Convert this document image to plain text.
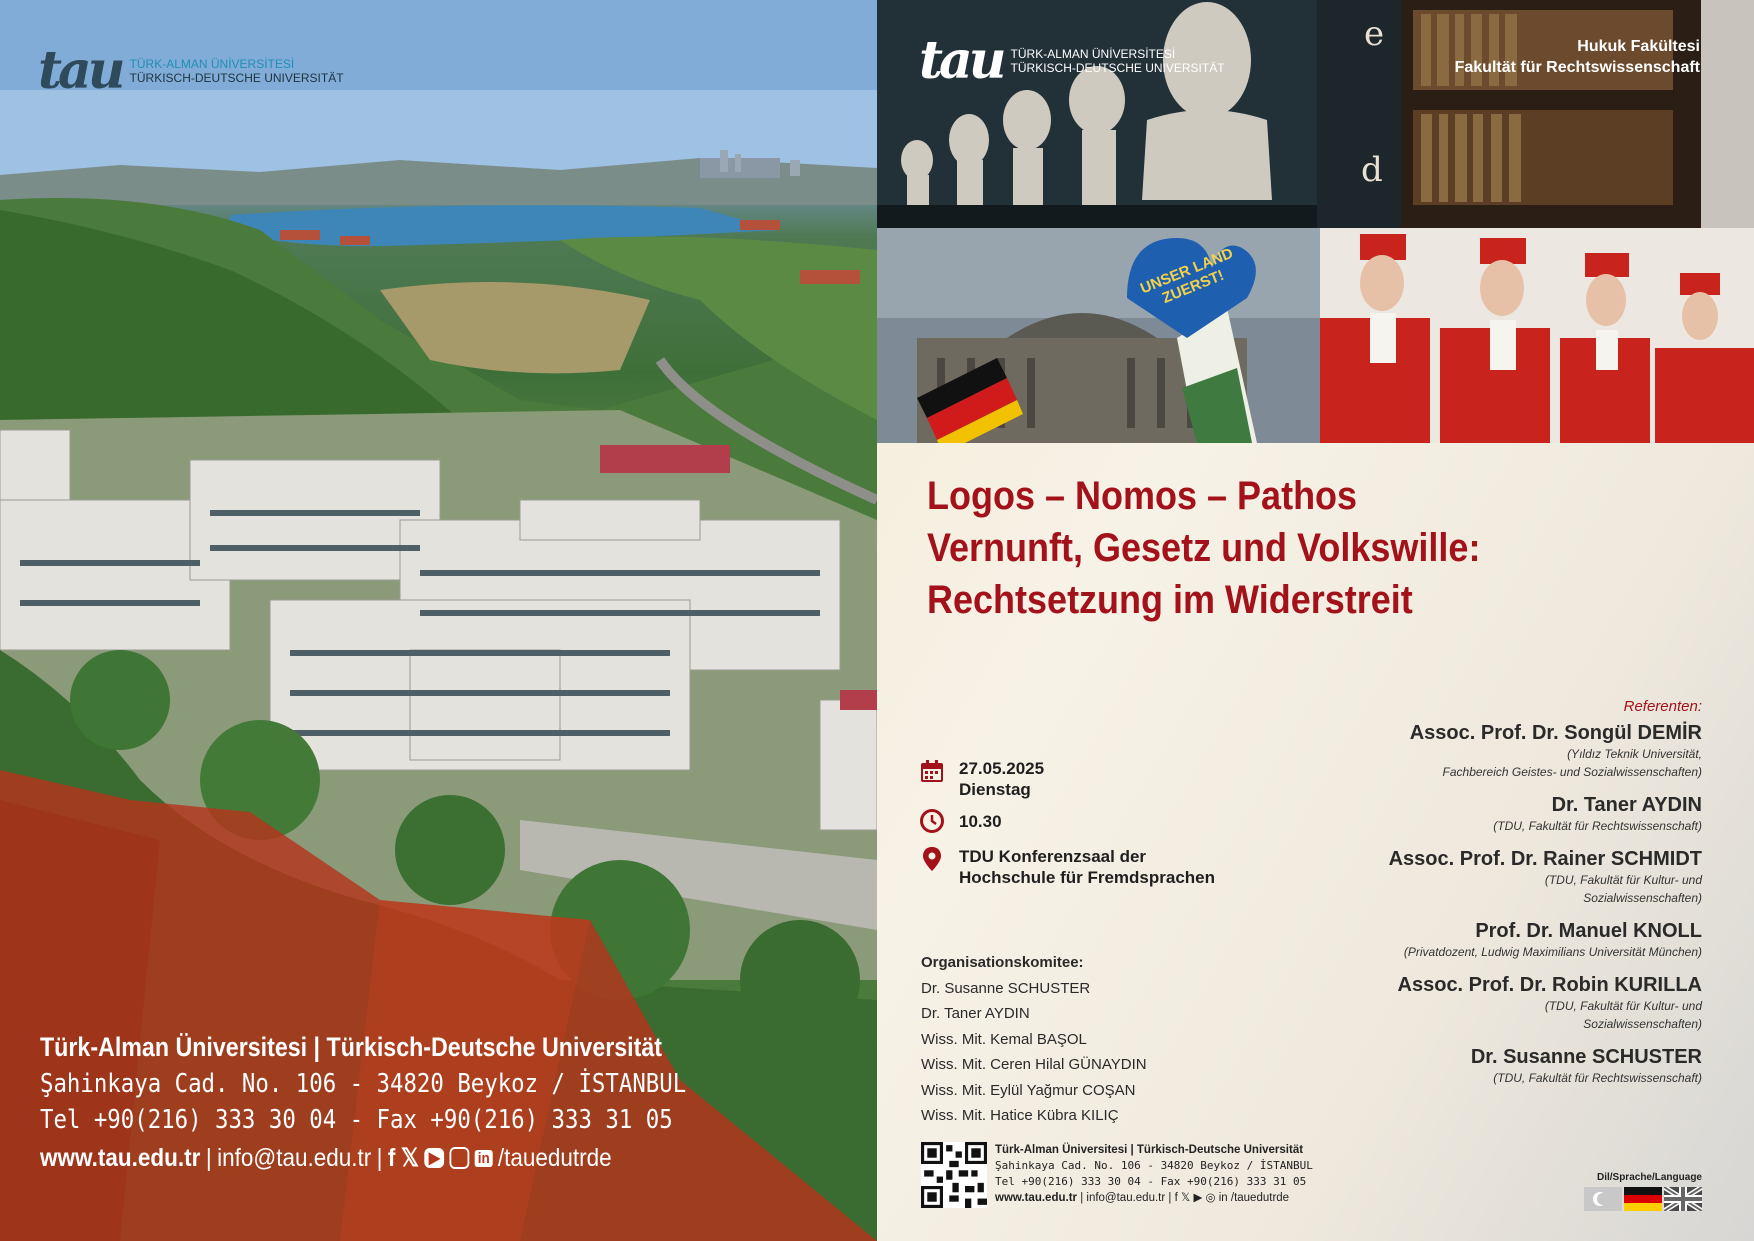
tau TÜRK-ALMAN ÜNİVERSİTESİ
TÜRKISCH-DEUTSCHE UNIVERSITÄT
Türk-Alman Üniversitesi | Türkisch-Deutsche Universität
Şahinkaya Cad. No. 106 - 34820 Beykoz / İSTANBUL
Tel +90(216) 333 30 04 - Fax +90(216) 333 31 05
www.tau.edu.tr | info@tau.edu.tr | f 𝕏 ▶	in /tauedutrde
e
d
UNSER LAND ZUERST!
tau TÜRK-ALMAN ÜNİVERSİTESİ
TÜRKISCH-DEUTSCHE UNIVERSITÄT
Hukuk Fakültesi
Fakultät für Rechtswissenschaft
Logos – Nomos – Pathos
Vernunft, Gesetz und Volkswille:
Rechtsetzung im Widerstreit
27.05.2025
Dienstag
10.30
TDU Konferenzsaal der
Hochschule für Fremdsprachen
Organisationskomitee:
Dr. Susanne SCHUSTER
Dr. Taner AYDIN
Wiss. Mit. Kemal BAŞOL
Wiss. Mit. Ceren Hilal GÜNAYDIN
Wiss. Mit. Eylül Yağmur COŞAN
Wiss. Mit. Hatice Kübra KILIÇ
Referenten:
Assoc. Prof. Dr. Songül DEMİR
(Yıldız Teknik Universität,
Fachbereich Geistes- und Sozialwissenschaften)
Dr. Taner AYDIN
(TDU, Fakultät für Rechtswissenschaft)
Assoc. Prof. Dr. Rainer SCHMIDT
(TDU, Fakultät für Kultur- und
Sozialwissenschaften)
Prof. Dr. Manuel KNOLL
(Privatdozent, Ludwig Maximilians Universität München)
Assoc. Prof. Dr. Robin KURILLA
(TDU, Fakultät für Kultur- und
Sozialwissenschaften)
Dr. Susanne SCHUSTER
(TDU, Fakultät für Rechtswissenschaft)
Türk-Alman Üniversitesi | Türkisch-Deutsche Universität
Şahinkaya Cad. No. 106 - 34820 Beykoz / İSTANBUL
Tel +90(216) 333 30 04 - Fax +90(216) 333 31 05
www.tau.edu.tr | info@tau.edu.tr | f 𝕏 ▶ ◎ in /tauedutrde
Dil/Sprache/Language
